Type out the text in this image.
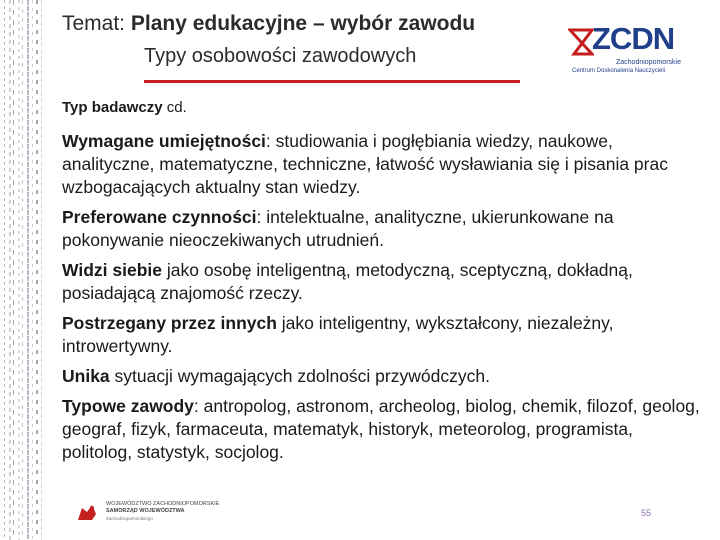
Temat: Plany edukacyjne – wybór zawodu
Typy osobowości zawodowych	ZCDN
Zachodniopomorskie
Centrum Doskonalenia Nauczycieli
Typ badawczy cd.
Wymagane umiejętności: studiowania i pogłębiania wiedzy, naukowe, analityczne, matematyczne, techniczne, łatwość wysławiania się i pisania prac wzbogacających aktualny stan wiedzy.
Preferowane czynności: intelektualne, analityczne, ukierunkowane na pokonywanie nieoczekiwanych utrudnień.
Widzi siebie jako osobę inteligentną, metodyczną, sceptyczną, dokładną, posiadającą znajomość rzeczy.
Postrzegany przez innych jako inteligentny, wykształcony, niezależny, introwertywny.
Unika sytuacji wymagających zdolności przywódczych.
Typowe zawody: antropolog, astronom, archeolog, biolog, chemik, filozof, geolog, geograf, fizyk, farmaceuta, matematyk, historyk, meteorolog, programista, politolog, statystyk, socjolog.
WOJEWÓDZTWO ZACHODNIOPOMORSKIE
SAMORZĄD WOJEWÓDZTWA
Zachodniopomorskiego
55
